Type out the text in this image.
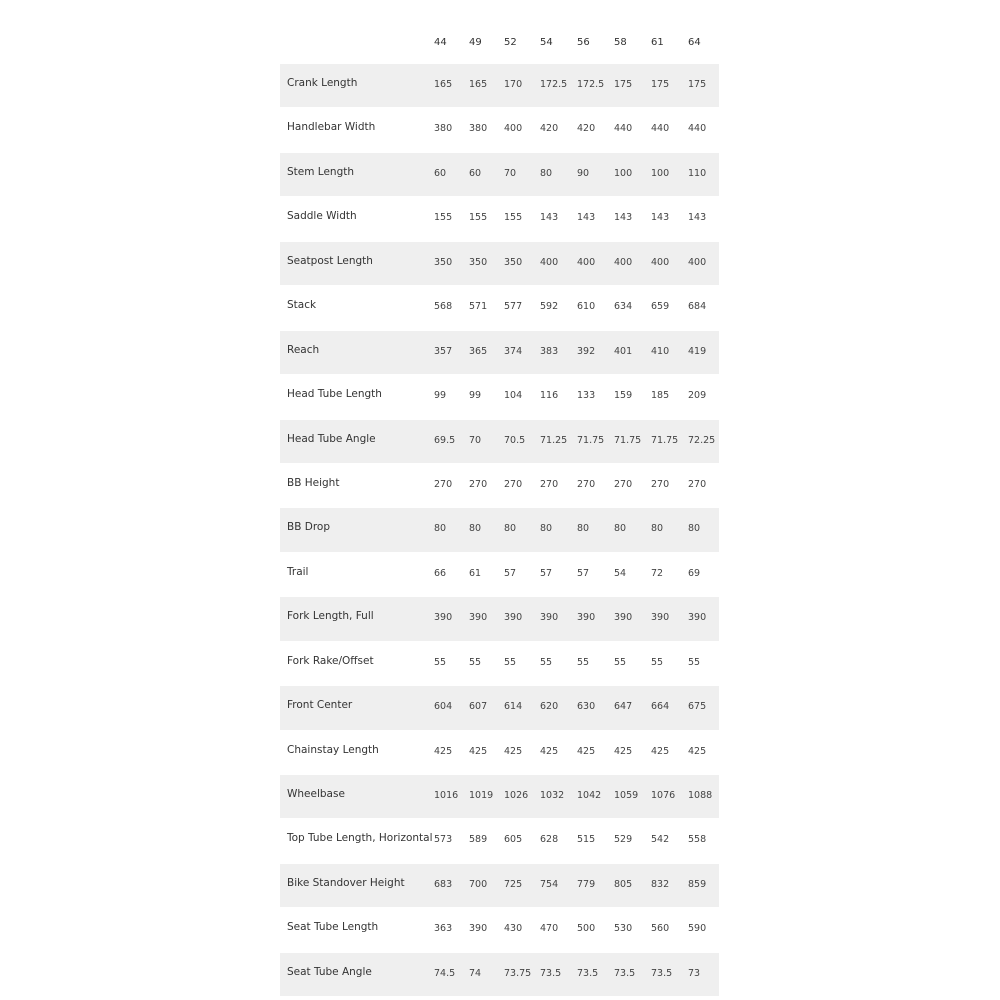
44 49 52 54 56 58 61 64
Crank Length	165 165 170 172.5 172.5 175 175 175
Handlebar Width	380 380 400 420 420 440 440 440
Stem Length	60 60 70	80	90	100 100 110
Saddle Width	155 155 155 143 143 143 143 143
Seatpost Length	350 350 350 400 400 400 400 400
Stack	568 571 577 592 610 634 659 684
Reach	357 365 374 383 392 401 410 419
Head Tube Length	99 99 104 116 133 159 185 209
Head Tube Angle	69.5 70 70.5 71.25 71.75 71.75 71.75 72.25
BB Height	270 270 270 270 270 270 270 270
BB Drop	80 80 80	80	80	80	80	80
Trail	66 61 57	57	57	54	72	69
Fork Length, Full	390 390 390 390 390 390 390 390
Fork Rake/Offset	55 55 55	55	55	55	55	55
Front Center	604 607 614 620 630 647 664 675
Chainstay Length	425 425 425 425 425 425 425 425
Wheelbase	1016 1019 1026 1032 1042 1059 1076 1088
Top Tube Length, Horizontal 573 589 605 628 515 529 542 558
Bike Standover Height	683 700 725 754 779 805 832 859
Seat Tube Length	363 390 430 470 500 530 560 590
Seat Tube Angle	74.5 74 73.75 73.5 73.5 73.5 73.5 73
